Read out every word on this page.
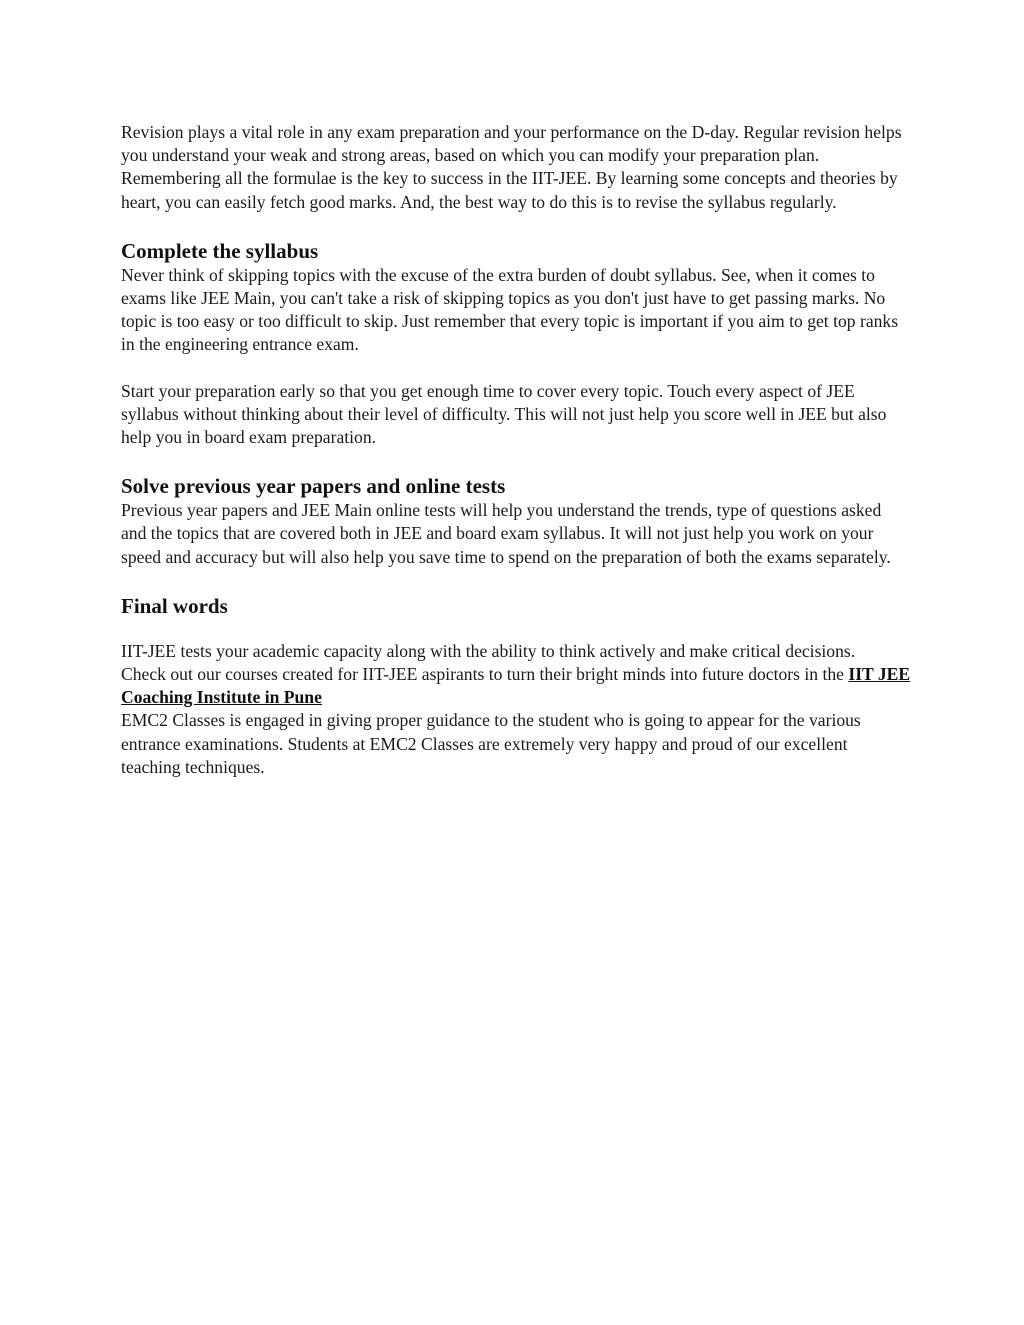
Revision plays a vital role in any exam preparation and your performance on the D-day. Regular revision helps you understand your weak and strong areas, based on which you can modify your preparation plan. Remembering all the formulae is the key to success in the IIT-JEE. By learning some concepts and theories by heart, you can easily fetch good marks. And, the best way to do this is to revise the syllabus regularly.

Complete the syllabus

Never think of skipping topics with the excuse of the extra burden of doubt syllabus. See, when it comes to exams like JEE Main, you can't take a risk of skipping topics as you don't just have to get passing marks. No topic is too easy or too difficult to skip. Just remember that every topic is important if you aim to get top ranks in the engineering entrance exam.

Start your preparation early so that you get enough time to cover every topic. Touch every aspect of JEE syllabus without thinking about their level of difficulty. This will not just help you score well in JEE but also help you in board exam preparation.

Solve previous year papers and online tests

Previous year papers and JEE Main online tests will help you understand the trends, type of questions asked and the topics that are covered both in JEE and board exam syllabus. It will not just help you work on your speed and accuracy but will also help you save time to spend on the preparation of both the exams separately.

Final words

IIT-JEE tests your academic capacity along with the ability to think actively and make critical decisions.

Check out our courses created for IIT-JEE aspirants to turn their bright minds into future doctors in the IIT JEE Coaching Institute in Pune

EMC2 Classes is engaged in giving proper guidance to the student who is going to appear for the various entrance examinations. Students at EMC2 Classes are extremely very happy and proud of our excellent teaching techniques.
